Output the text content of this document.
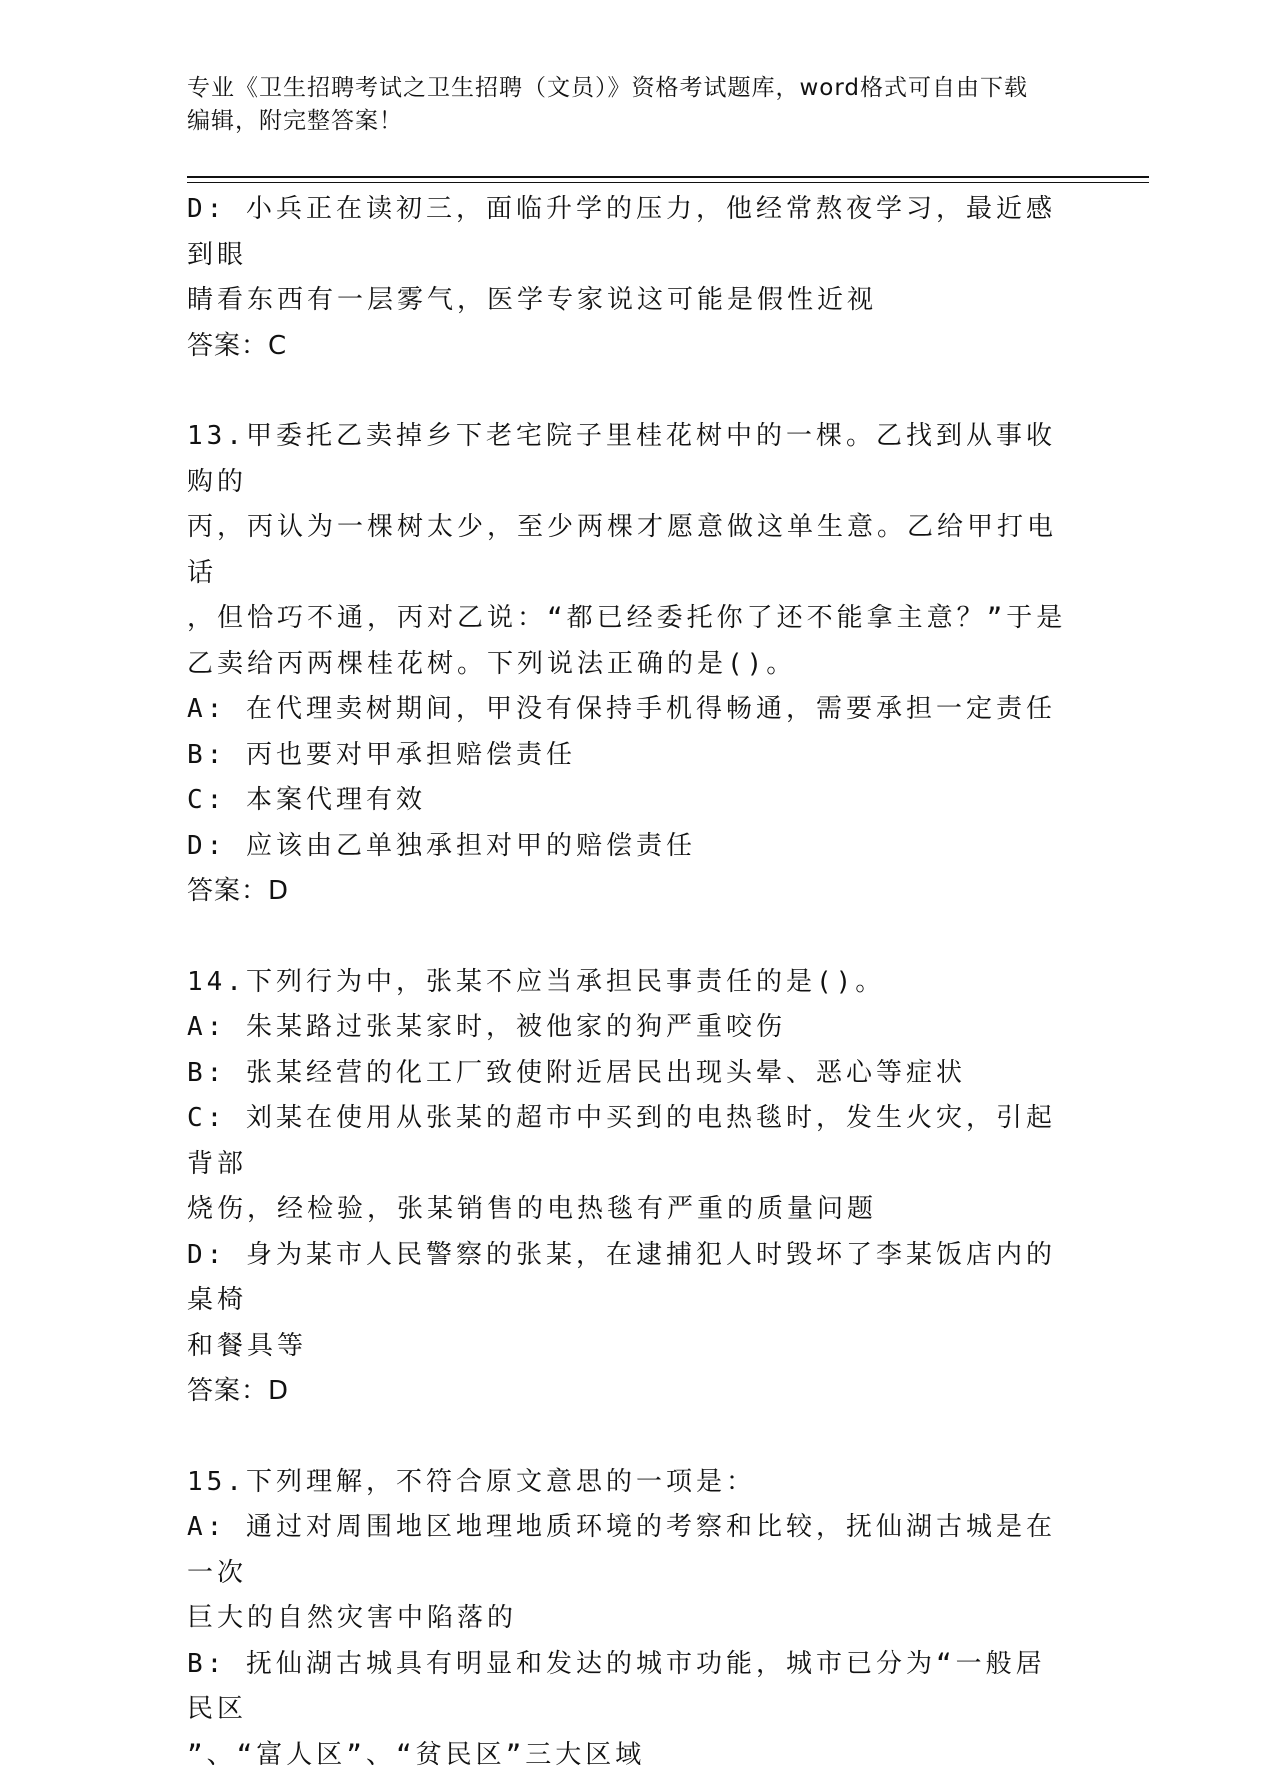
专业《卫生招聘考试之卫生招聘（文员）》资格考试题库，word格式可自由下载
编辑，附完整答案！

D: 小兵正在读初三，面临升学的压力，他经常熬夜学习，最近感到眼

睛看东西有一层雾气，医学专家说这可能是假性近视

答案：C

13.甲委托乙卖掉乡下老宅院子里桂花树中的一棵。乙找到从事收购的

丙，丙认为一棵树太少，至少两棵才愿意做这单生意。乙给甲打电话

，但恰巧不通，丙对乙说：“都已经委托你了还不能拿主意？”于是

乙卖给丙两棵桂花树。下列说法正确的是()。

A: 在代理卖树期间，甲没有保持手机得畅通，需要承担一定责任

B: 丙也要对甲承担赔偿责任

C: 本案代理有效

D: 应该由乙单独承担对甲的赔偿责任

答案：D

14.下列行为中，张某不应当承担民事责任的是()。

A: 朱某路过张某家时，被他家的狗严重咬伤

B: 张某经营的化工厂致使附近居民出现头晕、恶心等症状

C: 刘某在使用从张某的超市中买到的电热毯时，发生火灾，引起背部

烧伤，经检验，张某销售的电热毯有严重的质量问题

D: 身为某市人民警察的张某，在逮捕犯人时毁坏了李某饭店内的桌椅

和餐具等

答案：D

15.下列理解，不符合原文意思的一项是：

A: 通过对周围地区地理地质环境的考察和比较，抚仙湖古城是在一次

巨大的自然灾害中陷落的

B: 抚仙湖古城具有明显和发达的城市功能，城市已分为“一般居民区

”、“富人区”、“贫民区”三大区域
